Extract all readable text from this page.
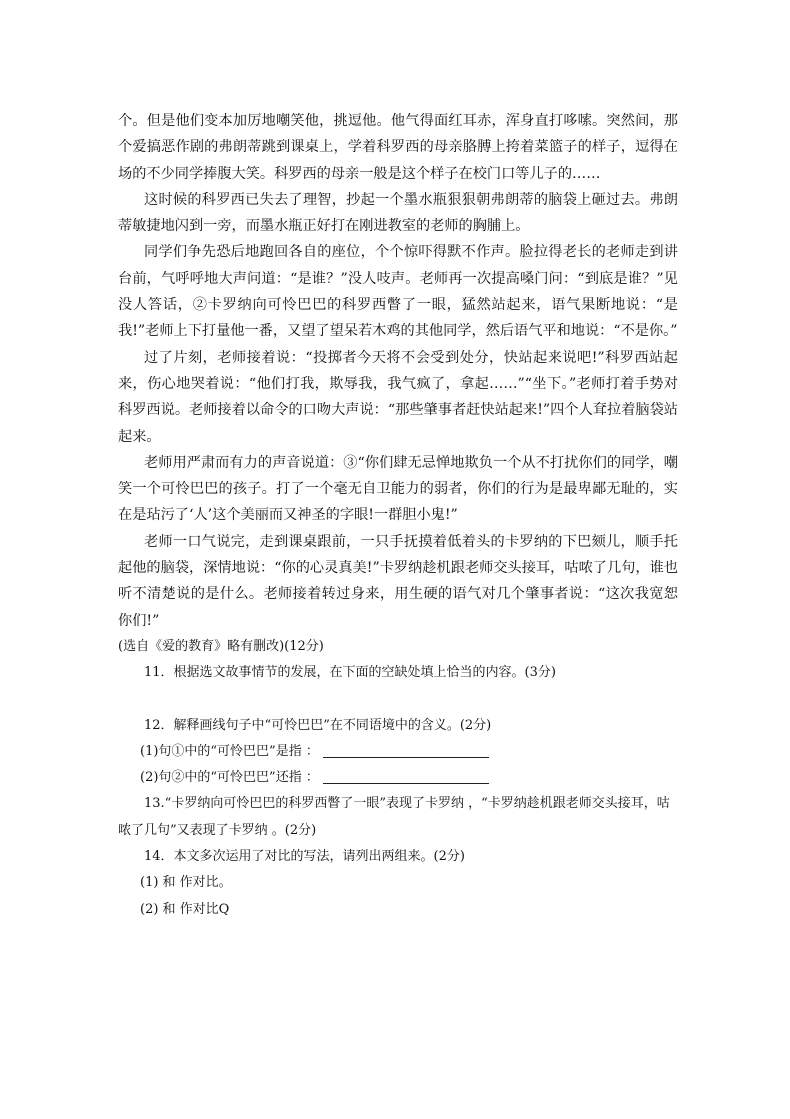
个。但是他们变本加厉地嘲笑他，挑逗他。他气得面红耳赤，浑身直打哆嗦。突然间，那个爱搞恶作剧的弗朗蒂跳到课桌上，学着科罗西的母亲胳膊上挎着菜篮子的样子，逗得在场的不少同学捧腹大笑。科罗西的母亲一般是这个样子在校门口等儿子的……

这时候的科罗西已失去了理智，抄起一个墨水瓶狠狠朝弗朗蒂的脑袋上砸过去。弗朗蒂敏捷地闪到一旁，而墨水瓶正好打在刚进教室的老师的胸脯上。

同学们争先恐后地跑回各自的座位，个个惊吓得默不作声。脸拉得老长的老师走到讲台前，气呼呼地大声问道：“是谁？”没人吱声。老师再一次提高嗓门问：“到底是谁？”见没人答话，②卡罗纳向可怜巴巴的科罗西瞥了一眼，猛然站起来，语气果断地说：“是我!”老师上下打量他一番，又望了望呆若木鸡的其他同学，然后语气平和地说：“不是你。”

过了片刻，老师接着说：“投掷者今天将不会受到处分，快站起来说吧!”科罗西站起来，伤心地哭着说：“他们打我，欺辱我，我气疯了，拿起……”“坐下。”老师打着手势对科罗西说。老师接着以命令的口吻大声说：“那些肇事者赶快站起来!”四个人耷拉着脑袋站起来。

老师用严肃而有力的声音说道：③“你们肆无忌惮地欺负一个从不打扰你们的同学，嘲笑一个可怜巴巴的孩子。打了一个毫无自卫能力的弱者，你们的行为是最卑鄙无耻的，实在是玷污了‘人’这个美丽而又神圣的字眼!一群胆小鬼!”

老师一口气说完，走到课桌跟前，一只手抚摸着低着头的卡罗纳的下巴颏儿，顺手托起他的脑袋，深情地说：“你的心灵真美!”卡罗纳趁机跟老师交头接耳，咕哝了几句，谁也听不清楚说的是什么。老师接着转过身来，用生硬的语气对几个肇事者说：“这次我宽恕你们!”

(选自《爱的教育》略有删改)(12分)

11．根据选文故事情节的发展，在下面的空缺处填上恰当的内容。(3分)

12．解释画线句子中“可怜巴巴”在不同语境中的含义。(2分)

(1)句①中的“可怜巴巴”是指 ：

(2)句②中的“可怜巴巴”还指 ：

13.“卡罗纳向可怜巴巴的科罗西瞥了一眼”表现了卡罗纳 ，“卡罗纳趁机跟老师交头接耳，咕哝了几句”又表现了卡罗纳 。(2分)

14．本文多次运用了对比的写法，请列出两组来。(2分)

(1) 和 作对比。

(2) 和 作对比Q
